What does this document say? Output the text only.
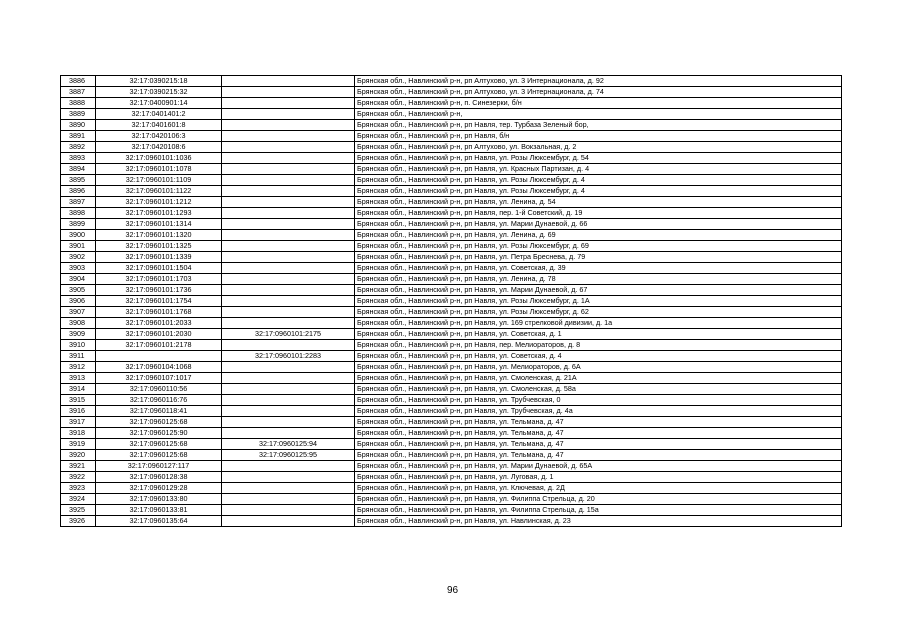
3886	32:17:0390215:18		Брянская обл., Навлинский р-н, рп Алтухово, ул. 3 Интернационала, д. 92
3887	32:17:0390215:32		Брянская обл., Навлинский р-н, рп Алтухово, ул. 3 Интернационала, д. 74
3888	32:17:0400901:14		Брянская обл., Навлинский р-н, п. Синезерки, б/н
3889	32:17:0401401:2		Брянская обл., Навлинский р-н,
3890	32:17:0401601:8		Брянская обл., Навлинский р-н, рп Навля, тер. Турбаза Зеленый бор,
3891	32:17:0420106:3		Брянская обл., Навлинский р-н, рп Навля, б/н
3892	32:17:0420108:6		Брянская обл., Навлинский р-н, рп Алтухово, ул. Вокзальная, д. 2
3893	32:17:0960101:1036		Брянская обл., Навлинский р-н, рп Навля, ул. Розы Люксембург, д. 54
3894	32:17:0960101:1078		Брянская обл., Навлинский р-н, рп Навля, ул. Красных Партизан, д. 4
3895	32:17:0960101:1109		Брянская обл., Навлинский р-н, рп Навля, ул. Розы Люксембург, д. 4
3896	32:17:0960101:1122		Брянская обл., Навлинский р-н, рп Навля, ул. Розы Люксембург, д. 4
3897	32:17:0960101:1212		Брянская обл., Навлинский р-н, рп Навля, ул. Ленина, д. 54
3898	32:17:0960101:1293		Брянская обл., Навлинский р-н, рп Навля, пер. 1-й Советский, д. 19
3899	32:17:0960101:1314		Брянская обл., Навлинский р-н, рп Навля, ул. Марии Дунаевой, д. 66
3900	32:17:0960101:1320		Брянская обл., Навлинский р-н, рп Навля, ул. Ленина, д. 69
3901	32:17:0960101:1325		Брянская обл., Навлинский р-н, рп Навля, ул. Розы Люксембург, д. 69
3902	32:17:0960101:1339		Брянская обл., Навлинский р-н, рп Навля, ул. Петра Бреснева, д. 79
3903	32:17:0960101:1504		Брянская обл., Навлинский р-н, рп Навля, ул. Советская, д. 39
3904	32:17:0960101:1703		Брянская обл., Навлинский р-н, рп Навля, ул. Ленина, д. 78
3905	32:17:0960101:1736		Брянская обл., Навлинский р-н, рп Навля, ул. Марии Дунаевой, д. 67
3906	32:17:0960101:1754		Брянская обл., Навлинский р-н, рп Навля, ул. Розы Люксембург, д. 1А
3907	32:17:0960101:1768		Брянская обл., Навлинский р-н, рп Навля, ул. Розы Люксембург, д. 62
3908	32:17:0960101:2033		Брянская обл., Навлинский р-н, рп Навля, ул. 169 стрелковой дивизии, д. 1а
3909	32:17:0960101:2030	32:17:0960101:2175	Брянская обл., Навлинский р-н, рп Навля, ул. Советская, д. 1
3910	32:17:0960101:2178		Брянская обл., Навлинский р-н, рп Навля, пер. Мелиораторов, д. 8
3911		32:17:0960101:2283	Брянская обл., Навлинский р-н, рп Навля, ул. Советская, д. 4
3912	32:17:0960104:1068		Брянская обл., Навлинский р-н, рп Навля, ул. Мелиораторов, д. 6А
3913	32:17:0960107:1017		Брянская обл., Навлинский р-н, рп Навля, ул. Смоленская, д. 21А
3914	32:17:0960110:56		Брянская обл., Навлинский р-н, рп Навля, ул. Смоленская, д. 58а
3915	32:17:0960116:76		Брянская обл., Навлинский р-н, рп Навля, ул. Трубчевская, 0
3916	32:17:0960118:41		Брянская обл., Навлинский р-н, рп Навля, ул. Трубчевская, д. 4а
3917	32:17:0960125:68		Брянская обл., Навлинский р-н, рп Навля, ул. Тельмана, д. 47
3918	32:17:0960125:90		Брянская обл., Навлинский р-н, рп Навля, ул. Тельмана, д. 47
3919	32:17:0960125:68	32:17:0960125:94	Брянская обл., Навлинский р-н, рп Навля, ул. Тельмана, д. 47
3920	32:17:0960125:68	32:17:0960125:95	Брянская обл., Навлинский р-н, рп Навля, ул. Тельмана, д. 47
3921	32:17:0960127:117		Брянская обл., Навлинский р-н, рп Навля, ул. Марии Дунаевой, д. 65А
3922	32:17:0960128:38		Брянская обл., Навлинский р-н, рп Навля, ул. Луговая, д. 1
3923	32:17:0960129:28		Брянская обл., Навлинский р-н, рп Навля, ул. Ключевая, д. 2Д
3924	32:17:0960133:80		Брянская обл., Навлинский р-н, рп Навля, ул. Филиппа Стрельца, д. 20
3925	32:17:0960133:81		Брянская обл., Навлинский р-н, рп Навля, ул. Филиппа Стрельца, д. 15а
3926	32:17:0960135:64		Брянская обл., Навлинский р-н, рп Навля, ул. Навлинская, д. 23
96
